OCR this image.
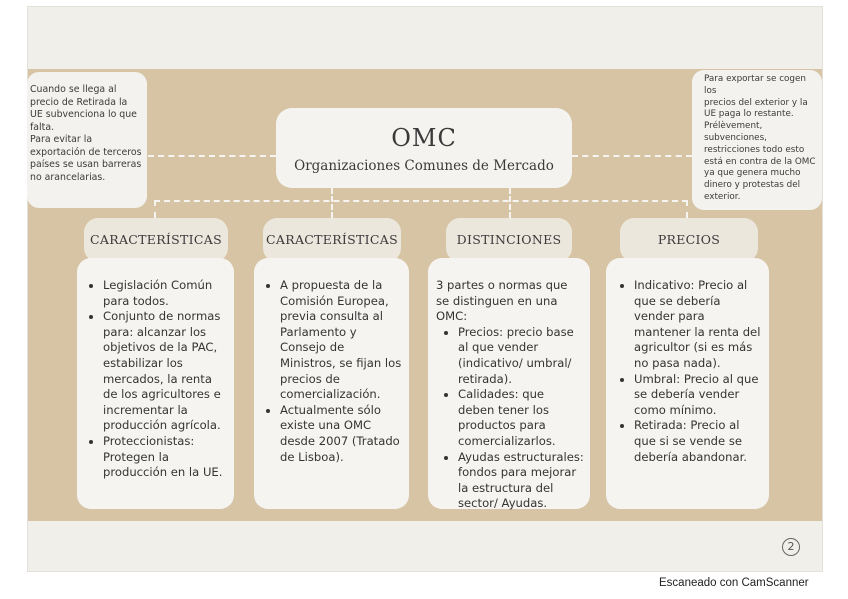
Cuando se llega al
precio de Retirada la
UE subvenciona lo que
falta.
Para evitar la
exportación de terceros
países se usan barreras
no arancelarias.
Para exportar se cogen los
precios del exterior y la
UE paga lo restante.
Prélèvement,
subvenciones,
restricciones todo esto
está en contra de la OMC
ya que genera mucho
dinero y protestas del
exterior.
OMC
Organizaciones Comunes de Mercado
CARACTERÍSTICAS	CARACTERÍSTICAS	DISTINCIONES	PRECIOS
• Legislación Común para todos.
• Conjunto de normas para: alcanzar los objetivos de la PAC, estabilizar los mercados, la renta de los agricultores e incrementar la producción agrícola.
• Proteccionistas: Protegen la producción en la UE.
• A propuesta de la Comisión Europea, previa consulta al Parlamento y Consejo de Ministros, se fijan los precios de comercialización.
• Actualmente sólo existe una OMC desde 2007 (Tratado de Lisboa).
3 partes o normas que se distinguen en una OMC:
• Precios: precio base al que vender (indicativo/ umbral/ retirada).
• Calidades: que deben tener los productos para comercializarlos.
• Ayudas estructurales: fondos para mejorar la estructura del sector/ Ayudas.
• Indicativo: Precio al que se debería vender para mantener la renta del agricultor (si es más no pasa nada).
• Umbral: Precio al que se debería vender como mínimo.
• Retirada: Precio al que si se vende se debería abandonar.
2
Escaneado con CamScanner
